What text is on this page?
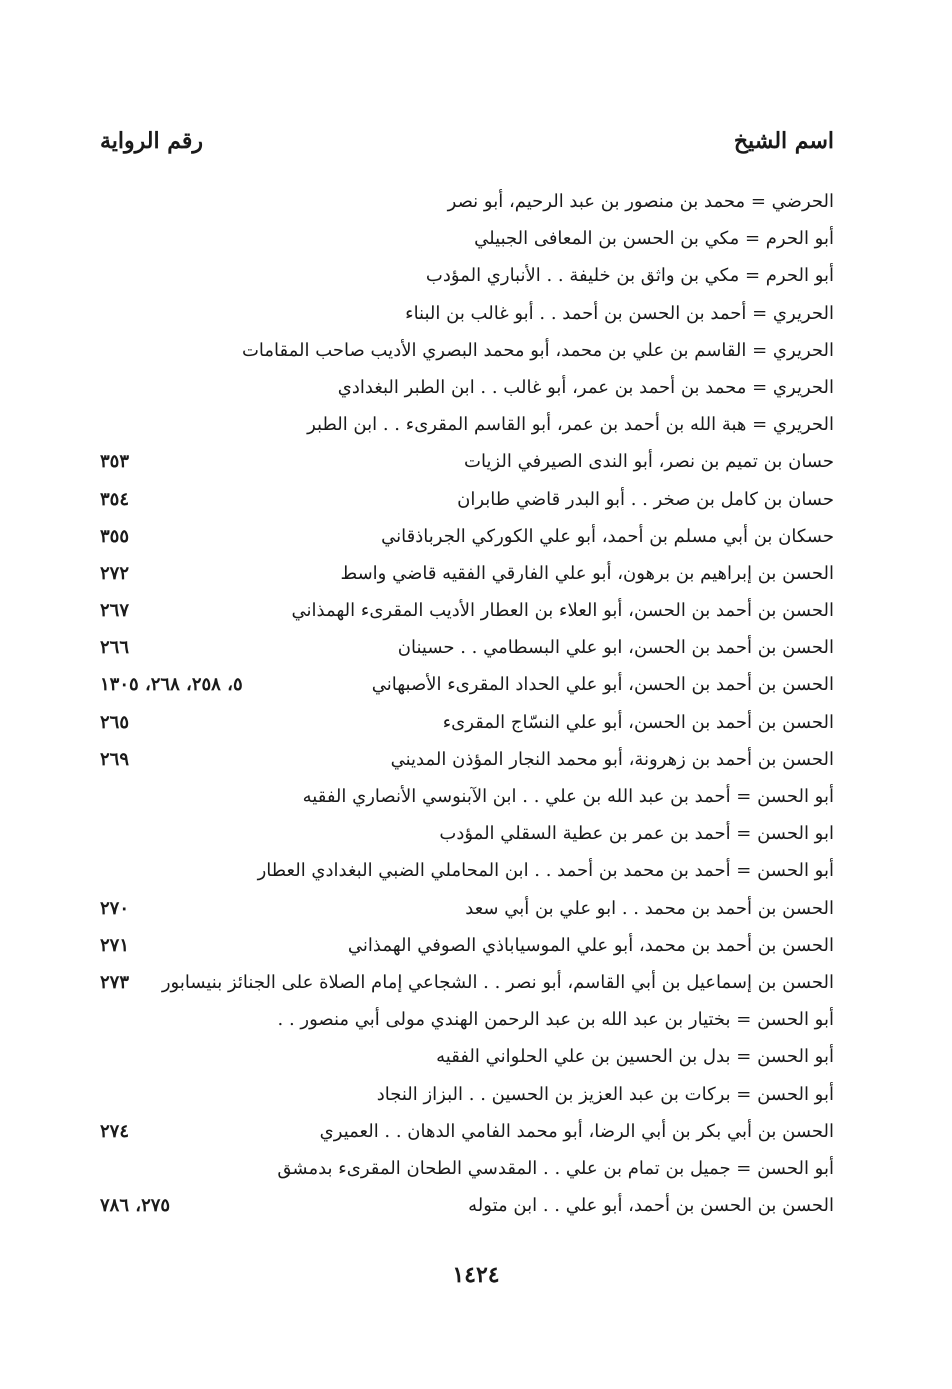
اسم الشيخ
رقم الرواية
الحرضي = محمد بن منصور بن عبد الرحيم، أبو نصر
أبو الحرم = مكي بن الحسن بن المعافى الجبيلي
أبو الحرم = مكي بن واثق بن خليفة . . الأنباري المؤدب
الحريري = أحمد بن الحسن بن أحمد . . أبو غالب بن البناء
الحريري = القاسم بن علي بن محمد، أبو محمد البصري الأديب صاحب المقامات
الحريري = محمد بن أحمد بن عمر، أبو غالب . . ابن الطبر البغدادي
الحريري = هبة الله بن أحمد بن عمر، أبو القاسم المقرىء . . ابن الطبر
حسان بن تميم بن نصر، أبو الندى الصيرفي الزيات
٣٥٣
حسان بن كامل بن صخر . . أبو البدر قاضي طابران
٣٥٤
حسكان بن أبي مسلم بن أحمد، أبو علي الكوركي الجرباذقاني
٣٥٥
الحسن بن إبراهيم بن برهون، أبو علي الفارقي الفقيه قاضي واسط
٢٧٢
الحسن بن أحمد بن الحسن، أبو العلاء بن العطار الأديب المقرىء الهمذاني
٢٦٧
الحسن بن أحمد بن الحسن، ابو علي البسطامي . . حسينان
٢٦٦
الحسن بن أحمد بن الحسن، أبو علي الحداد المقرىء الأصبهاني
٥، ٢٥٨، ٢٦٨، ١٣٠٥
الحسن بن أحمد بن الحسن، أبو علي النسّاج المقرىء
٢٦٥
الحسن بن أحمد بن زهرونة، أبو محمد النجار المؤذن المديني
٢٦٩
أبو الحسن = أحمد بن عبد الله بن علي . . ابن الآبنوسي الأنصاري الفقيه
ابو الحسن = أحمد بن عمر بن عطية السقلي المؤدب
أبو الحسن = أحمد بن محمد بن أحمد . . ابن المحاملي الضبي البغدادي العطار
الحسن بن أحمد بن محمد . . ابو علي بن أبي سعد
٢٧٠
الحسن بن أحمد بن محمد، أبو علي الموسياباذي الصوفي الهمذاني
٢٧١
الحسن بن إسماعيل بن أبي القاسم، أبو نصر . . الشجاعي إمام الصلاة على الجنائز بنيسابور
٢٧٣
أبو الحسن = بختيار بن عبد الله بن عبد الرحمن الهندي مولى أبي منصور . .
أبو الحسن = بدل بن الحسين بن علي الحلواني الفقيه
أبو الحسن = بركات بن عبد العزيز بن الحسين . . البزاز النجاد
الحسن بن أبي بكر بن أبي الرضا، أبو محمد الفامي الدهان . . العميري
٢٧٤
أبو الحسن = جميل بن تمام بن علي . . المقدسي الطحان المقرىء بدمشق
الحسن بن الحسن بن أحمد، أبو علي . . ابن متوله
٢٧٥، ٧٨٦
١٤٢٤
